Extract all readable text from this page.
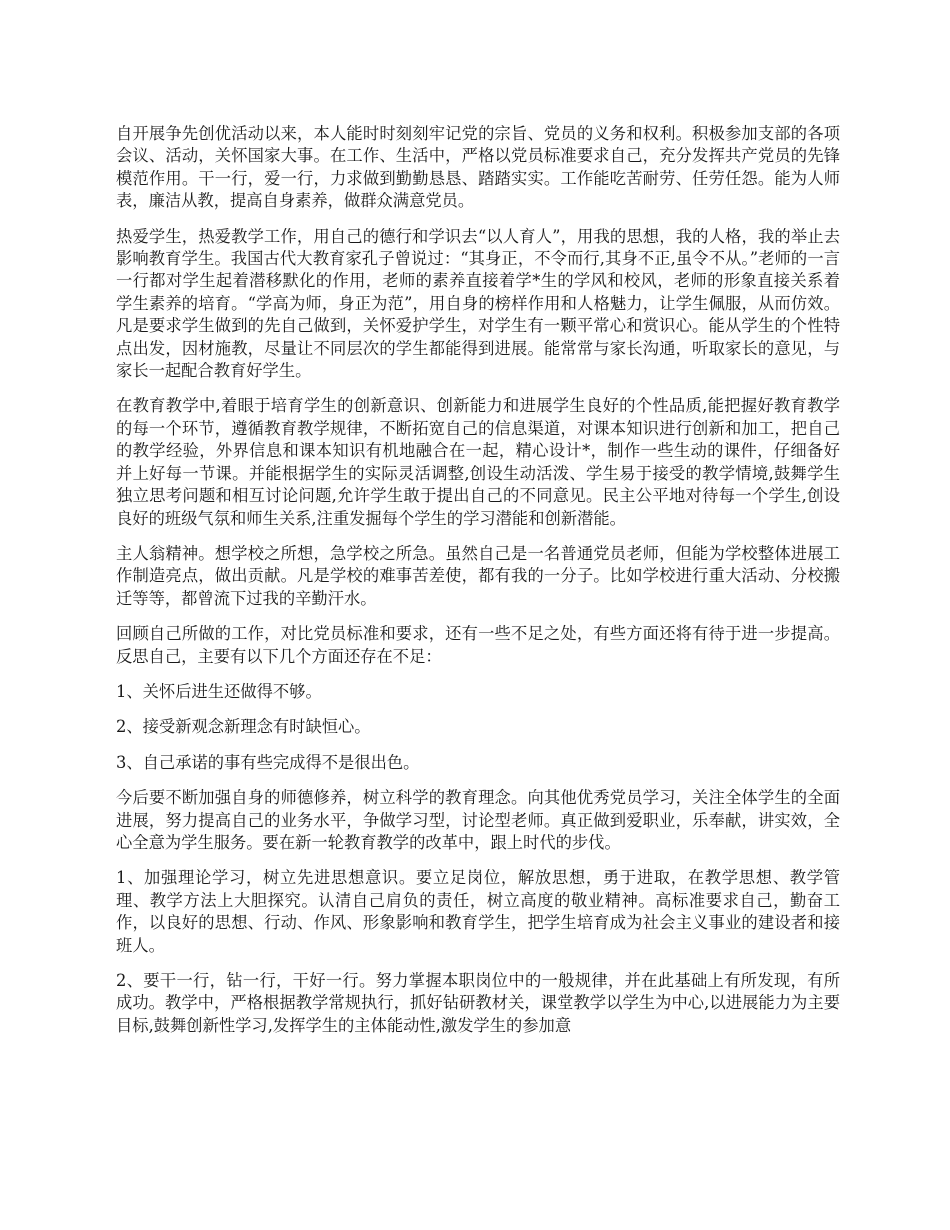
自开展争先创优活动以来，本人能时时刻刻牢记党的宗旨、党员的义务和权利。积极参加支部的各项会议、活动，关怀国家大事。在工作、生活中，严格以党员标准要求自己，充分发挥共产党员的先锋模范作用。干一行，爱一行，力求做到勤勤恳恳、踏踏实实。工作能吃苦耐劳、任劳任怨。能为人师表，廉洁从教，提高自身素养，做群众满意党员。

热爱学生，热爱教学工作，用自己的德行和学识去“以人育人”，用我的思想，我的人格，我的举止去影响教育学生。我国古代大教育家孔子曾说过：“其身正，不令而行,其身不正,虽令不从。”老师的一言一行都对学生起着潜移默化的作用，老师的素养直接着学*生的学风和校风，老师的形象直接关系着学生素养的培育。“学高为师，身正为范”，用自身的榜样作用和人格魅力，让学生佩服，从而仿效。凡是要求学生做到的先自己做到，关怀爱护学生，对学生有一颗平常心和赏识心。能从学生的个性特点出发，因材施教，尽量让不同层次的学生都能得到进展。能常常与家长沟通，听取家长的意见，与家长一起配合教育好学生。

在教育教学中,着眼于培育学生的创新意识、创新能力和进展学生良好的个性品质,能把握好教育教学的每一个环节，遵循教育教学规律，不断拓宽自己的信息渠道，对课本知识进行创新和加工，把自己的教学经验，外界信息和课本知识有机地融合在一起，精心设计*，制作一些生动的课件，仔细备好并上好每一节课。并能根据学生的实际灵活调整,创设生动活泼、学生易于接受的教学情境,鼓舞学生独立思考问题和相互讨论问题,允许学生敢于提出自己的不同意见。民主公平地对待每一个学生,创设良好的班级气氛和师生关系,注重发掘每个学生的学习潜能和创新潜能。

主人翁精神。想学校之所想，急学校之所急。虽然自己是一名普通党员老师，但能为学校整体进展工作制造亮点，做出贡献。凡是学校的难事苦差使，都有我的一分子。比如学校进行重大活动、分校搬迁等等，都曾流下过我的辛勤汗水。

回顾自己所做的工作，对比党员标准和要求，还有一些不足之处，有些方面还将有待于进一步提高。反思自己，主要有以下几个方面还存在不足：

1、关怀后进生还做得不够。

2、接受新观念新理念有时缺恒心。

3、自己承诺的事有些完成得不是很出色。

今后要不断加强自身的师德修养，树立科学的教育理念。向其他优秀党员学习，关注全体学生的全面进展，努力提高自己的业务水平，争做学习型，讨论型老师。真正做到爱职业，乐奉献，讲实效，全心全意为学生服务。要在新一轮教育教学的改革中，跟上时代的步伐。

1、加强理论学习，树立先进思想意识。要立足岗位，解放思想，勇于进取，在教学思想、教学管理、教学方法上大胆探究。认清自己肩负的责任，树立高度的敬业精神。高标准要求自己，勤奋工作，以良好的思想、行动、作风、形象影响和教育学生，把学生培育成为社会主义事业的建设者和接班人。

2、要干一行，钻一行，干好一行。努力掌握本职岗位中的一般规律，并在此基础上有所发现，有所成功。教学中，严格根据教学常规执行，抓好钻研教材关，课堂教学以学生为中心,以进展能力为主要目标,鼓舞创新性学习,发挥学生的主体能动性,激发学生的参加意
